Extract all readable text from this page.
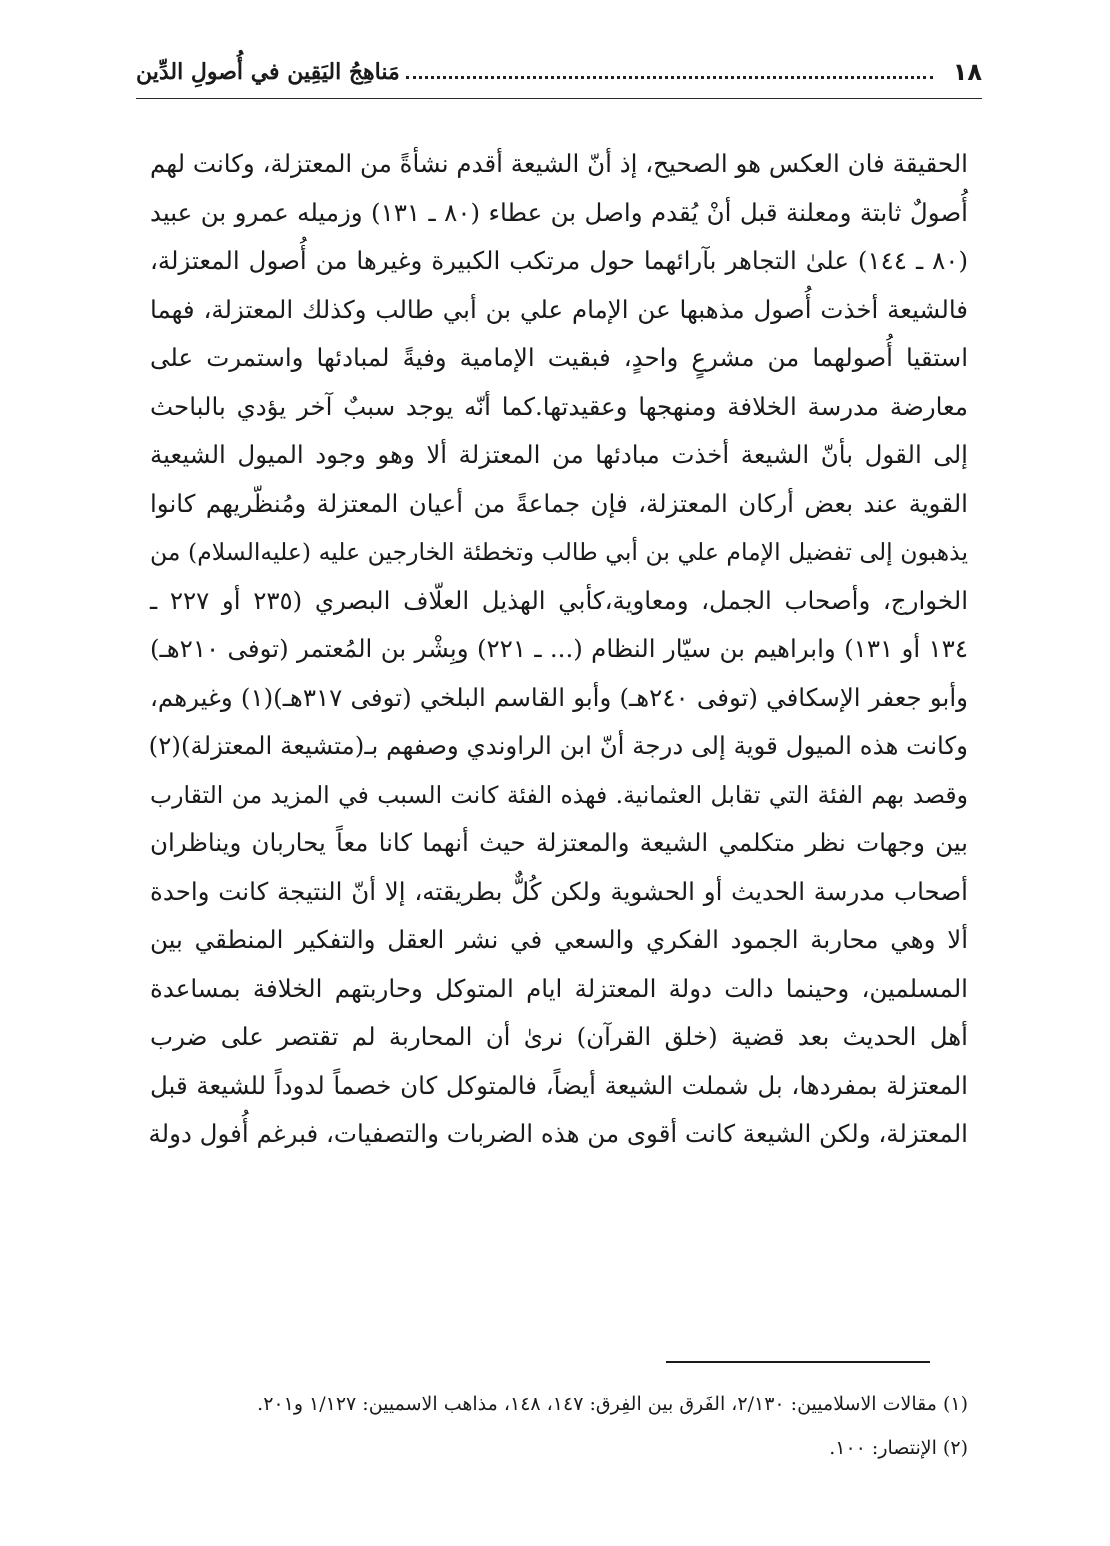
١٨
مَناهِجُ اليَقِين في أُصولِ الدِّين
الحقيقة فان العكس هو الصحيح، إذ أنّ الشيعة أقدم نشأةً من المعتزلة، وكانت لهم
أُصولٌ ثابتة ومعلنة قبل أنْ يُقدم واصل بن عطاء (٨٠ ـ ١٣١) وزميله عمرو بن عبيد
(٨٠ ـ ١٤٤) علىٰ التجاهر بآرائهما حول مرتكب الكبيرة وغيرها من أُصول المعتزلة،
فالشيعة أخذت أُصول مذهبها عن الإمام علي بن أبي طالب وكذلك المعتزلة، فهما
استقيا أُصولهما من مشرعٍ واحدٍ، فبقيت الإمامية وفيةً لمبادئها واستمرت على
معارضة مدرسة الخلافة ومنهجها وعقيدتها.كما أنّه يوجد سببٌ آخر يؤدي بالباحث
إلى القول بأنّ الشيعة أخذت مبادئها من المعتزلة ألا وهو وجود الميول الشيعية
القوية عند بعض أركان المعتزلة، فإن جماعةً من أعيان المعتزلة ومُنظّريهم كانوا
يذهبون إلى تفضيل الإمام علي بن أبي طالب وتخطئة الخارجين عليه (عليه‌السلام) من
الخوارج، وأصحاب الجمل، ومعاوية،كأبي الهذيل العلّاف البصري (٢٣٥ أو ٢٢٧ ـ
١٣٤ أو ١٣١) وابراهيم بن سيّار النظام (... ـ ٢٢١) وبِشْر بن المُعتمر (توفى ٢١٠هـ)
وأبو جعفر الإسكافي (توفى ٢٤٠هـ) وأبو القاسم البلخي (توفى ٣١٧هـ)(١) وغيرهم،
وكانت هذه الميول قوية إلى درجة أنّ ابن الراوندي وصفهم بـ(متشيعة المعتزلة)(٢)
وقصد بهم الفئة التي تقابل العثمانية. فهذه الفئة كانت السبب في المزيد من التقارب
بين وجهات نظر متكلمي الشيعة والمعتزلة حيث أنهما كانا معاً يحاربان ويناظران
أصحاب مدرسة الحديث أو الحشوية ولكن كُلٌّ بطريقته، إلا أنّ النتيجة كانت واحدة
ألا وهي محاربة الجمود الفكري والسعي في نشر العقل والتفكير المنطقي بين
المسلمين، وحينما دالت دولة المعتزلة ايام المتوكل وحاربتهم الخلافة بمساعدة
أهل الحديث بعد قضية (خلق القرآن) نرىٰ أن المحاربة لم تقتصر على ضرب
المعتزلة بمفردها، بل شملت الشيعة أيضاً، فالمتوكل كان خصماً لدوداً للشيعة قبل
المعتزلة، ولكن الشيعة كانت أقوى من هذه الضربات والتصفيات، فبرغم أُفول دولة
(١) مقالات الاسلاميين: ٢/١٣٠، الفَرق بين الفِرق: ١٤٧، ١٤٨، مذاهب الاسميين: ١/١٢٧ و٢٠١.
(٢) الإنتصار: ١٠٠.
